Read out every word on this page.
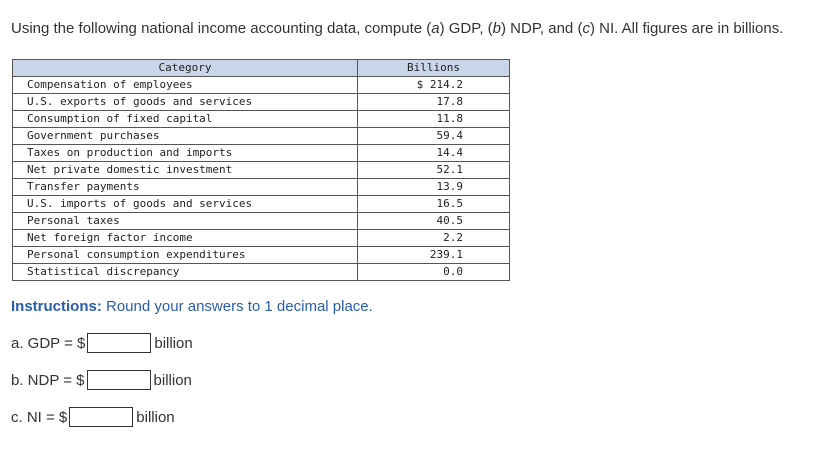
Using the following national income accounting data, compute (a) GDP, (b) NDP, and (c) NI. All figures are in billions.
Category	Billions
Compensation of employees	$ 214.2
U.S. exports of goods and services	17.8
Consumption of fixed capital	11.8
Government purchases	59.4
Taxes on production and imports	14.4
Net private domestic investment	52.1
Transfer payments	13.9
U.S. imports of goods and services	16.5
Personal taxes	40.5
Net foreign factor income	2.2
Personal consumption expenditures	239.1
Statistical discrepancy	0.0
Instructions: Round your answers to 1 decimal place.
a. GDP = $	billion
b. NDP = $	billion
c. NI = $	billion
